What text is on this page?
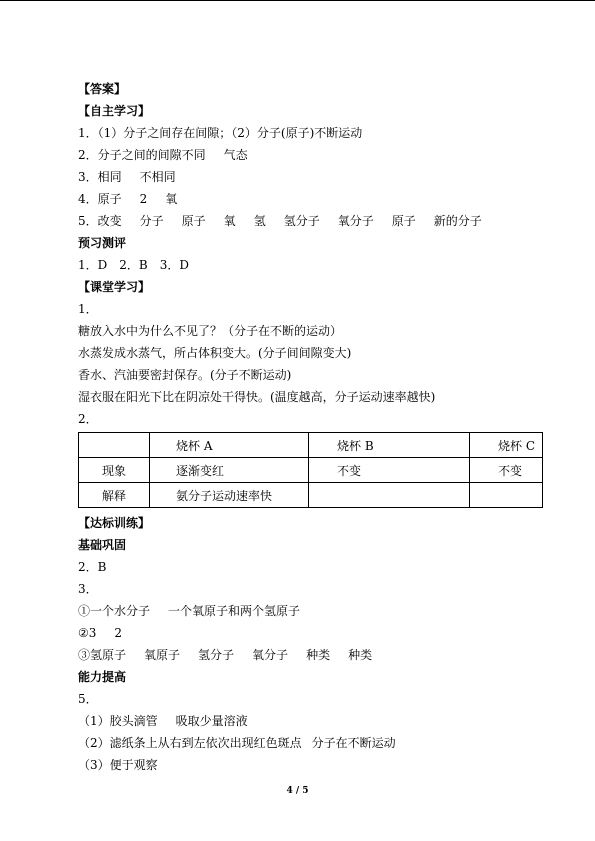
【答案】
【自主学习】
1．（1）分子之间存在间隙；（2）分子(原子)不断运动
2．分子之间的间隙不同 气态
3．相同 不相同
4．原子 2 氧
5．改变 分子 原子 氧 氢 氢分子 氧分子 原子 新的分子
预习测评
1．D　2．B　3．D
【课堂学习】
1．
糖放入水中为什么不见了？（分子在不断的运动）
水蒸发成水蒸气，所占体积变大。(分子间间隙变大)
香水、汽油要密封保存。(分子不断运动)
湿衣服在阳光下比在阴凉处干得快。(温度越高，分子运动速率越快)
2．
	烧杯 A	烧杯 B	烧杯 C
现象	逐渐变红	不变	不变
解释	氨分子运动速率快		
【达标训练】
基础巩固
2．B
3．
①一个水分子 一个氧原子和两个氢原子
②3 2
③氢原子 氧原子 氢分子 氧分子 种类 种类
能力提高
5．
（1）胶头滴管 吸取少量溶液
（2）滤纸条上从右到左依次出现红色斑点 分子在不断运动
（3）便于观察
4 / 5
